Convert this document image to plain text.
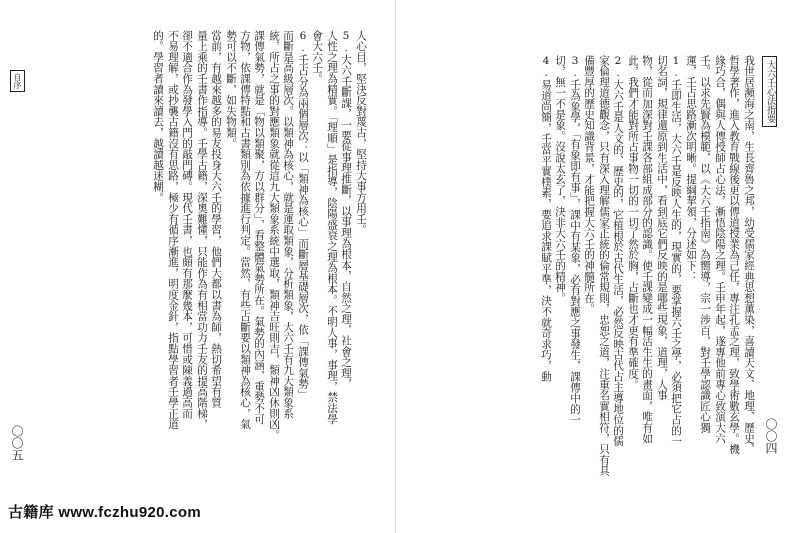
大六壬心法指要
我世居瀕海之南，生長齊魯之邦，幼受儒家經典思想薰染，喜讀天文、地理、歷史、
哲學著作，進入教育戰線後更以傳道授業為己任，專注孔孟之理，致學術數玄學。機
緣巧合，偶與人傳授師占心法，漸悟陰陽之理。壬申年起，遂專他前專心致演大六
壬。以求先賢為模範，以《大六壬指南》為嚮導，宗一涉百，對壬學認識匠心獨
運，壬占思路漸次明晰。提綱挈領，分述如下：
1.壬即生活，大六壬是反映人生的，現實的，要掌握六壬之學，必須把它占的一
切名詞，規律還原到生活中，看到底它們反映的是哪些現象，道理，人事
物，從而加深對壬課各部組成部分的認識。使壬課變成一幅活生生的畫面，唯有如
此，我們才能對所占事物一切的一切了然於胸，占斷也才更有準確度。
2.大六壬是人文的、歷史的，它植根於古代生活，必然反映古代占主導地位的儒
家倫理道德觀念，只有深入理解儒家正統的倫常規則，忠恕之道，注重名實相符，只有具
備豐厚的歷史知識背景，才能把握大六壬的神髓所在。
3.壬為象學，「有象即有事」，課中有某象，必有對應之事發生，課傳中的一
切，無一不是象。沒說太玄了，決非大六壬的精神。
4.易道尚簡，壬當平實樸素，要追求課賦平準，決不就奇求巧，動
〇〇四
人心目，堅決反對蔑古，堅持大事方用壬。
5.大六壬斷課，一要從事理推斷，以事理為根本，自然之理，社會之理，
人性之理為精實。「理順」是指導，陰陽盛衰之理為根本。不明人事，事理，禁法學
會大六壬。
6.壬占分為兩個層次：以「類神為核心」而斷層基礎層次，依「課傳氣勢」
而斷是高級層次。以類神為核心，就是運取類象，分析類象，大六壬有九大類象系
統，所占之事的對應類象就從這九大類象系統中選取，類神吉旺則吉，類神凶休則凶。
課傳氣勢，就是「物以類聚，方以群分」，看整體氣勢所在。氣勢的內涵，重勢不可
方物，依課傳特點和古書類別為依據進行判定。當然，有些占斷要以類神為核心，氣
勢可以不斷，如失物類。
當前，有越來越多的易友投身大六壬的學習，他們大都以書為師，熱切希望有質
量上乘的壬書作指導。壬學古籍，深奧難懂，只能作為有相當功力壬友的提高階梯，
卻不適合作為發學入門的敲門磚。現代壬書，也頗有那麼幾本，可惜或陳義過高而
不易理解，或抄襲古籍沒有思路，極少有循序漸進，明度金針，指點學習者壬學正道
的。學習者讀來讀去，越讀越迷糊。
自序
〇〇五
古籍库 www.fczhu920.com
